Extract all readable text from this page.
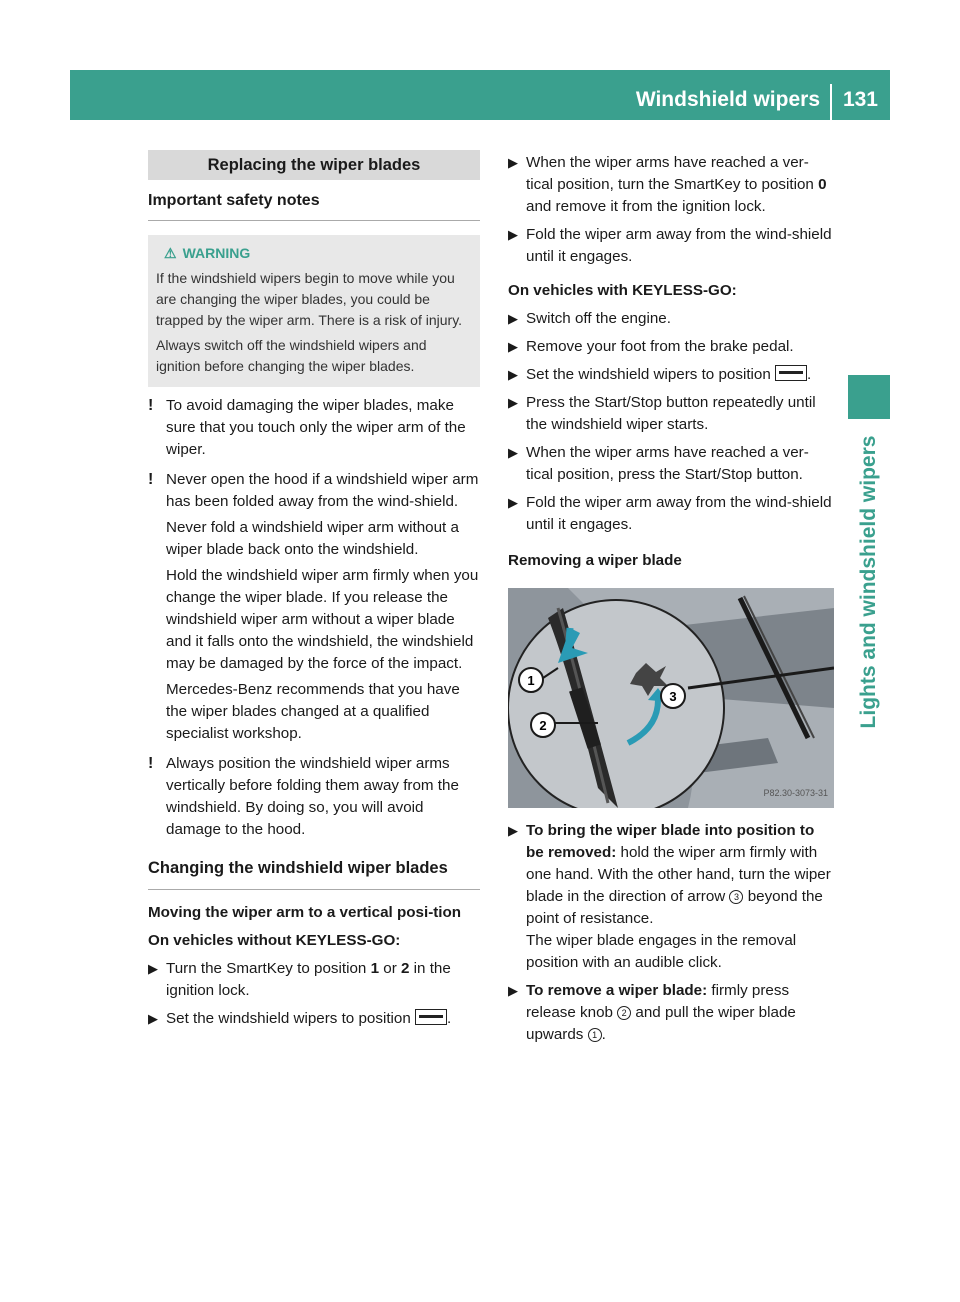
Windshield wipers 131
Lights and windshield wipers
Replacing the wiper blades
Important safety notes
⚠ WARNING

If the windshield wipers begin to move while you are changing the wiper blades, you could be trapped by the wiper arm. There is a risk of injury.

Always switch off the windshield wipers and ignition before changing the wiper blades.

! To avoid damaging the wiper blades, make sure that you touch only the wiper arm of the wiper.

! Never open the hood if a windshield wiper arm has been folded away from the wind-shield.

Never fold a windshield wiper arm without a wiper blade back onto the windshield.

Hold the windshield wiper arm firmly when you change the wiper blade. If you release the windshield wiper arm without a wiper blade and it falls onto the windshield, the windshield may be damaged by the force of the impact.

Mercedes-Benz recommends that you have the wiper blades changed at a qualified specialist workshop.

! Always position the windshield wiper arms vertically before folding them away from the windshield. By doing so, you will avoid damage to the hood.

Changing the windshield wiper blades
Moving the wiper arm to a vertical posi-tion
On vehicles without KEYLESS-GO:
▶ Turn the SmartKey to position 1 or 2 in the ignition lock.
▶ Set the windshield wipers to position .
▶ When the wiper arms have reached a ver-tical position, turn the SmartKey to position 0 and remove it from the ignition lock.
▶ Fold the wiper arm away from the wind-shield until it engages.
On vehicles with KEYLESS-GO:
▶ Switch off the engine.
▶ Remove your foot from the brake pedal.
▶ Set the windshield wipers to position .
▶ Press the Start/Stop button repeatedly until the windshield wiper starts.
▶ When the wiper arms have reached a ver-tical position, press the Start/Stop button.
▶ Fold the wiper arm away from the wind-shield until it engages.
Removing a wiper blade
1
2
3
P82.30-3073-31
▶ To bring the wiper blade into position to be removed: hold the wiper arm firmly with one hand. With the other hand, turn the wiper blade in the direction of arrow 3 beyond the point of resistance.
The wiper blade engages in the removal position with an audible click.
▶ To remove a wiper blade: firmly press release knob 2 and pull the wiper blade upwards 1 .
